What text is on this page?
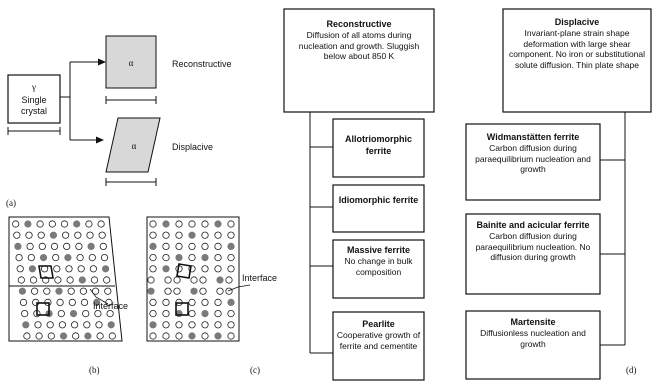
γ
Single
crystal
α	Reconstructive
α	Displacive
(a)
Interface
(b)
Interface
(c)	(d)
Reconstructive
Diffusion of all atoms during nucleation and growth. Sluggish below about 850 K
Displacive
Invariant-plane strain shape deformation with large shear component. No iron or substitutional solute diffusion. Thin plate shape
Allotriomorphic ferrite
Idiomorphic ferrite
Massive ferrite
No change in bulk composition
Pearlite
Cooperative growth of ferrite and cementite
Widmanstätten ferrite
Carbon diffusion during paraequilibrium nucleation and growth
Bainite and acicular ferrite
Carbon diffusion during paraequilibrium nucleation. No diffusion during growth
Martensite
Diffusionless nucleation and growth
